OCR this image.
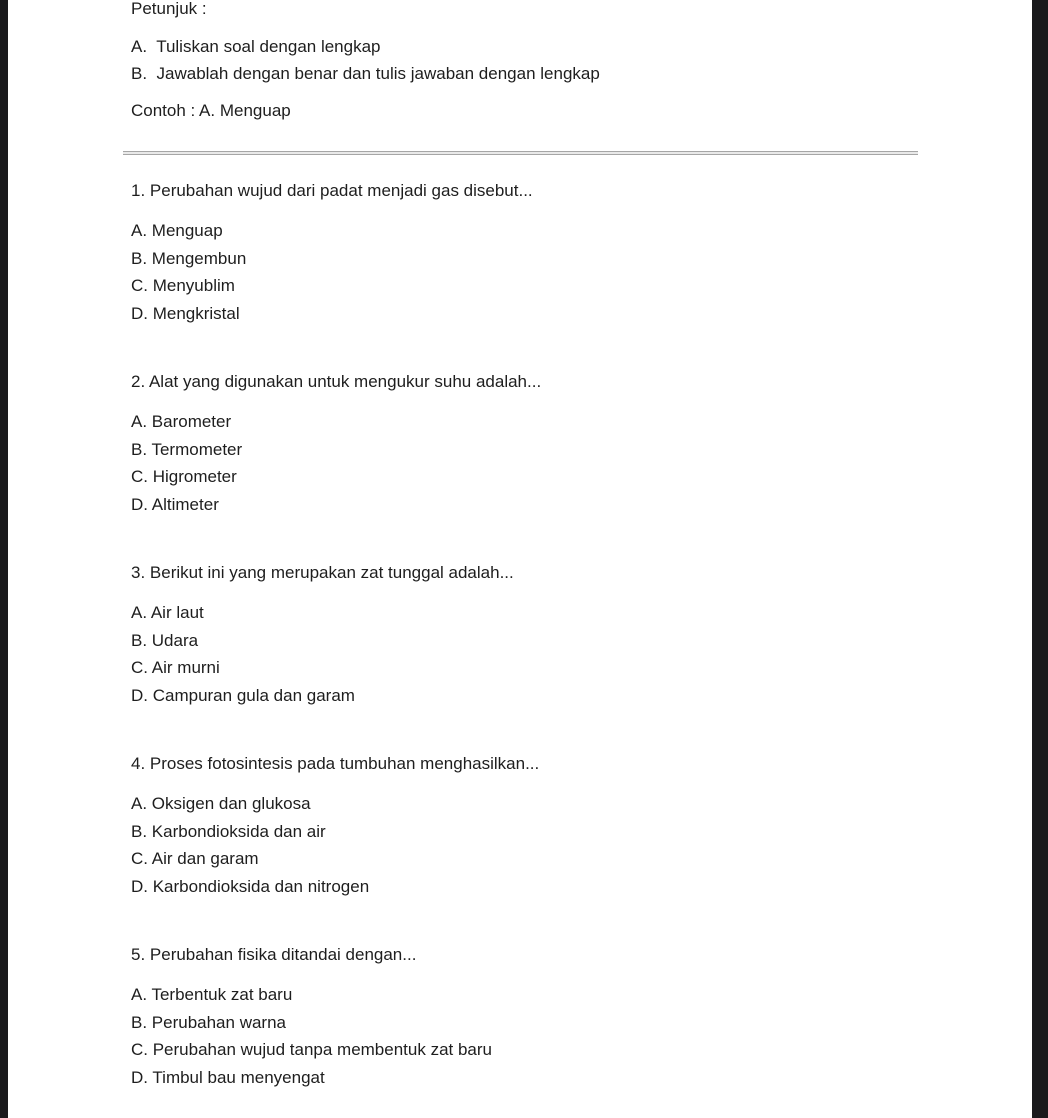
Petunjuk :

A.  Tuliskan soal dengan lengkap

B.  Jawablah dengan benar dan tulis jawaban dengan lengkap

Contoh : A. Menguap

1. Perubahan wujud dari padat menjadi gas disebut...

A. Menguap

B. Mengembun

C. Menyublim

D. Mengkristal

2. Alat yang digunakan untuk mengukur suhu adalah...

A. Barometer

B. Termometer

C. Higrometer

D. Altimeter

3. Berikut ini yang merupakan zat tunggal adalah...

A. Air laut

B. Udara

C. Air murni

D. Campuran gula dan garam

4. Proses fotosintesis pada tumbuhan menghasilkan...

A. Oksigen dan glukosa

B. Karbondioksida dan air

C. Air dan garam

D. Karbondioksida dan nitrogen

5. Perubahan fisika ditandai dengan...

A. Terbentuk zat baru

B. Perubahan warna

C. Perubahan wujud tanpa membentuk zat baru

D. Timbul bau menyengat
